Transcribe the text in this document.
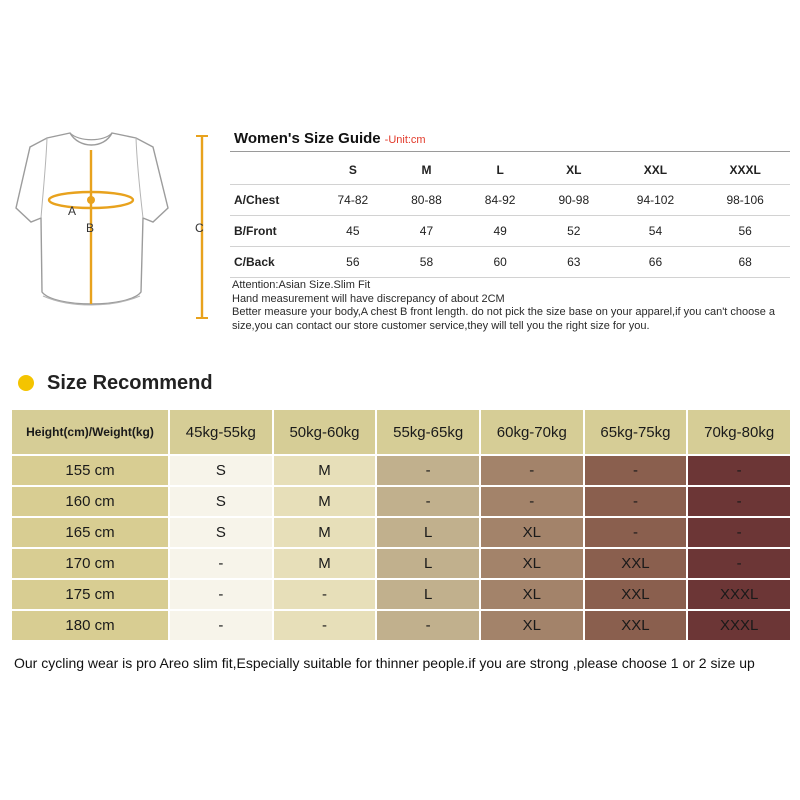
A
B	C
Women's Size Guide -Unit:cm
	S	M	L	XL	XXL	XXXL
A/Chest	74-82	80-88	84-92	90-98	94-102	98-106
B/Front	45	47	49	52	54	56
C/Back	56	58	60	63	66	68
Attention:Asian Size.Slim Fit
Hand measurement will have discrepancy of about 2CM
Better measure your body,A chest B front length. do not pick the size base on your apparel,if you can't choose a size,you can contact our store customer service,they will tell you the right size for you.
Size Recommend
Height(cm)/Weight(kg)	45kg-55kg	50kg-60kg	55kg-65kg	60kg-70kg	65kg-75kg	70kg-80kg
155 cm	S	M	-	-	-	-
160 cm	S	M	-	-	-	-
165 cm	S	M	L	XL	-	-
170 cm	-	M	L	XL	XXL	-
175 cm	-	-	L	XL	XXL	XXXL
180 cm	-	-	-	XL	XXL	XXXL
Our cycling wear is pro Areo slim fit,Especially suitable for thinner people.if you are strong ,please choose 1 or 2 size up
